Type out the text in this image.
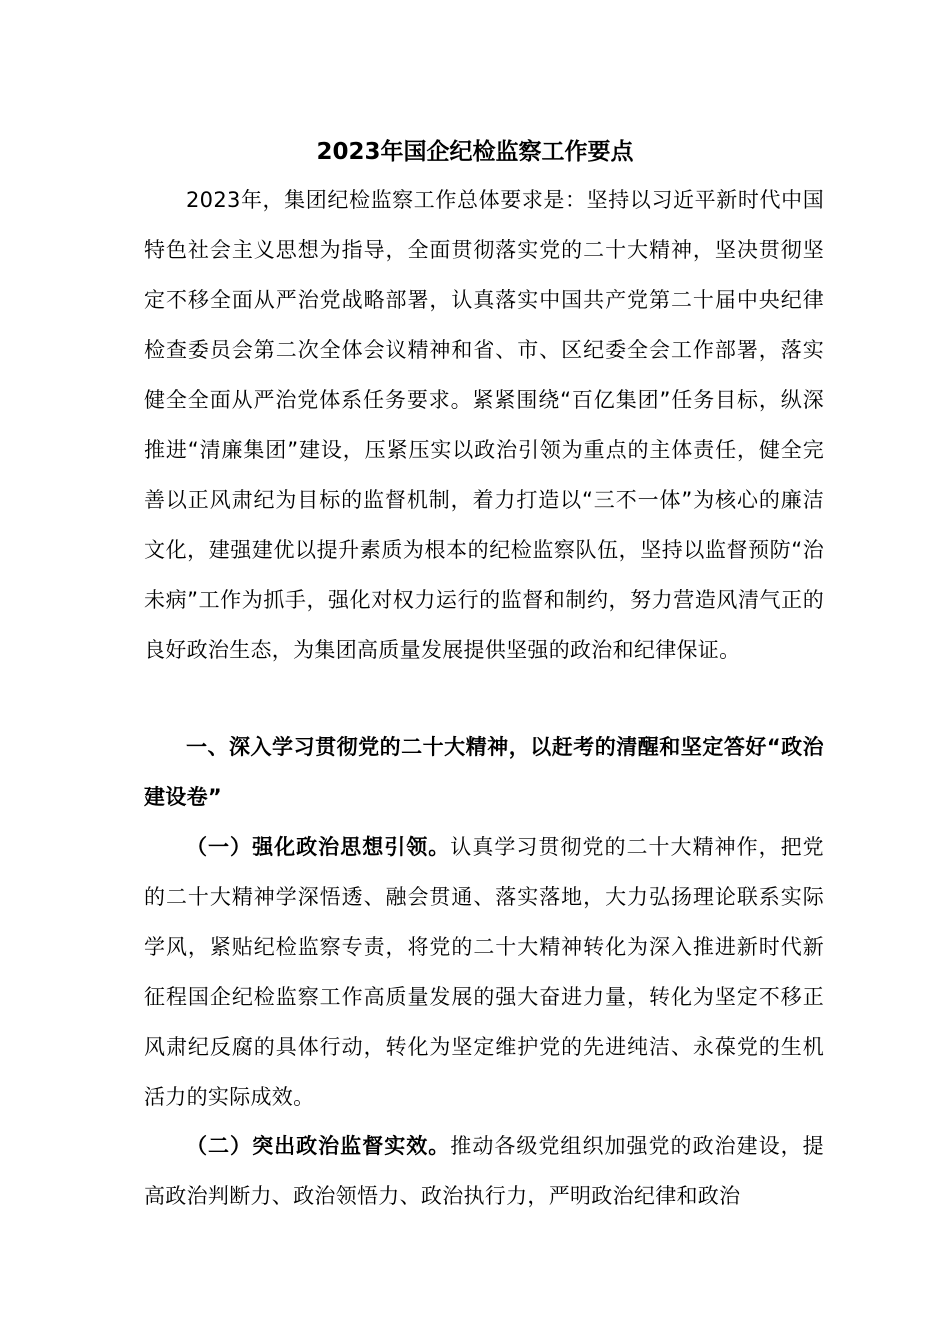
2023年国企纪检监察工作要点

2023年，集团纪检监察工作总体要求是：坚持以习近平新时代中国特色社会主义思想为指导，全面贯彻落实党的二十大精神，坚决贯彻坚定不移全面从严治党战略部署，认真落实中国共产党第二十届中央纪律检查委员会第二次全体会议精神和省、市、区纪委全会工作部署，落实健全全面从严治党体系任务要求。紧紧围绕“百亿集团”任务目标，纵深推进“清廉集团”建设，压紧压实以政治引领为重点的主体责任，健全完善以正风肃纪为目标的监督机制，着力打造以“三不一体”为核心的廉洁文化，建强建优以提升素质为根本的纪检监察队伍，坚持以监督预防“治未病”工作为抓手，强化对权力运行的监督和制约，努力营造风清气正的良好政治生态，为集团高质量发展提供坚强的政治和纪律保证。

一、深入学习贯彻党的二十大精神，以赶考的清醒和坚定答好“政治建设卷”

（一）强化政治思想引领。认真学习贯彻党的二十大精神作，把党的二十大精神学深悟透、融会贯通、落实落地，大力弘扬理论联系实际学风，紧贴纪检监察专责，将党的二十大精神转化为深入推进新时代新征程国企纪检监察工作高质量发展的强大奋进力量，转化为坚定不移正风肃纪反腐的具体行动，转化为坚定维护党的先进纯洁、永葆党的生机活力的实际成效。

（二）突出政治监督实效。推动各级党组织加强党的政治建设，提高政治判断力、政治领悟力、政治执行力，严明政治纪律和政治
